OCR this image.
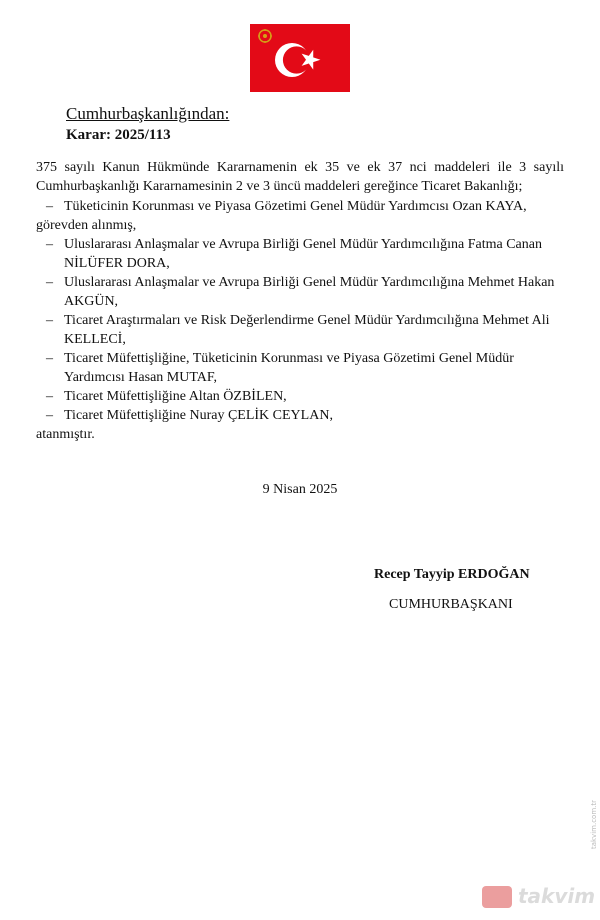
Cumhurbaşkanlığından:
Karar: 2025/113
375 sayılı Kanun Hükmünde Kararnamenin ek 35 ve ek 37 nci maddeleri ile 3 sayılı
Cumhurbaşkanlığı Kararnamesinin 2 ve 3 üncü maddeleri gereğince Ticaret Bakanlığı;
– Tüketicinin Korunması ve Piyasa Gözetimi Genel Müdür Yardımcısı Ozan KAYA,
görevden alınmış,
– Uluslararası Anlaşmalar ve Avrupa Birliği Genel Müdür Yardımcılığına Fatma Canan
NİLÜFER DORA,
– Uluslararası Anlaşmalar ve Avrupa Birliği Genel Müdür Yardımcılığına Mehmet Hakan
AKGÜN,
– Ticaret Araştırmaları ve Risk Değerlendirme Genel Müdür Yardımcılığına Mehmet Ali
KELLECİ,
– Ticaret Müfettişliğine, Tüketicinin Korunması ve Piyasa Gözetimi Genel Müdür
Yardımcısı Hasan MUTAF,
– Ticaret Müfettişliğine Altan ÖZBİLEN,
– Ticaret Müfettişliğine Nuray ÇELİK CEYLAN,
atanmıştır.
9 Nisan 2025
Recep Tayyip ERDOĞAN
CUMHURBAŞKANI
takvim
takvim.com.tr
